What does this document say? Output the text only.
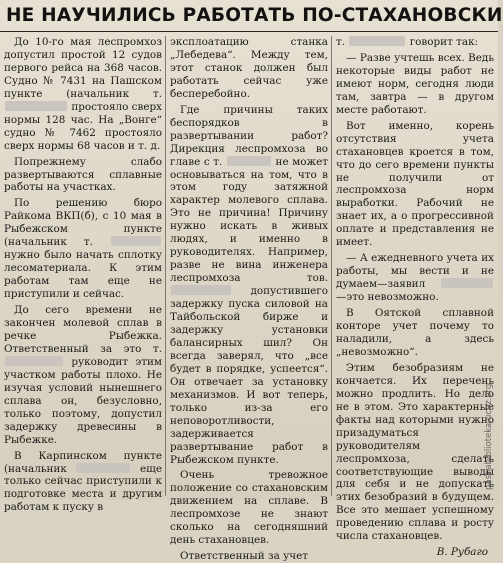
НЕ НАУЧИЛИСЬ РАБОТАТЬ ПО-СТАХАНОВСКИ

До 10-го мая леспромхоз допустил простой 12 судов первого рейса на 368 часов. Судно № 7431 на Пашском пункте (начальник т.  простояло сверх нормы 128 час. На „Вонге“ судно № 7462 простояло сверх нормы 68 часов и т. д.

Попрежнему слабо развертываются сплавные работы на участках.

По решению бюро Райкома ВКП(б), с 10 мая в Рыбежском пункте (начальник т.  нужно было начать сплотку лесоматериала. К этим работам там еще не приступили и сейчас.

До сего времени не закончен молевой сплав в речке Рыбежка. Ответственный за это т.  руководит этим участком работы плохо. Не изучая условий нынешнего сплава он, безусловно, только поэтому, допустил задержку древесины в Рыбежке.

В Карпинском пункте (начальник	еще только сейчас приступили к подготовке места и другим работам к пуску в

эксплоатацию станка „Лебедева“. Между тем, этот станок должен был работать сейчас уже бесперебойно.

Где причины таких беспорядков в развертывании работ? Дирекция леспромхоза во главе с т.	не может основываться на том, что в этом году затяжной характер молевого сплава. Это не причина! Причину нужно искать в живых людях, и именно в руководителях. Например, разве не вина инженера леспромхоза тов.  допустившего задержку пуска силовой на Тайбольской бирже и задержку установки балансирных шил? Он всегда заверял, что „все будет в порядке, успеется“. Он отвечает за установку механизмов. И вот теперь, только из-за его неповоротливости, задерживается развертывание работ в Рыбежском пункте.

Очень тревожное положение со стахановским движением на сплаве. В леспромхозе не знают сколько на сегодняшний день стахановцев.

Ответственный за учет

т.	говорит так:

— Разве учтешь всех. Ведь некоторые виды работ не имеют норм, сегодня люди там, завтра — в другом месте работают.

Вот именно, корень отсутствия учета стахановцев кроется в том, что до сего времени пункты не получили от леспромхоза норм выработки. Рабочий не знает их, а о прогрессивной оплате и представления не имеет.

— А ежедневного учета их работы, мы вести и не думаем—заявил  —это невозможно.

В Оятской сплавной конторе учет почему то наладили, а здесь „невозможно“.

Этим безобразиям не кончается. Их перечень можно продлить. Но дело не в этом. Это характерные факты над которыми нужно призадуматься руководителям леспромхоза, сделать соответствующие выводы для себя и не допускать этих безобразий в будущем. Все это мешает успешному проведению сплава и росту числа стахановцев.

В. Рубаго

pashabiblioteka.ucoz.org
